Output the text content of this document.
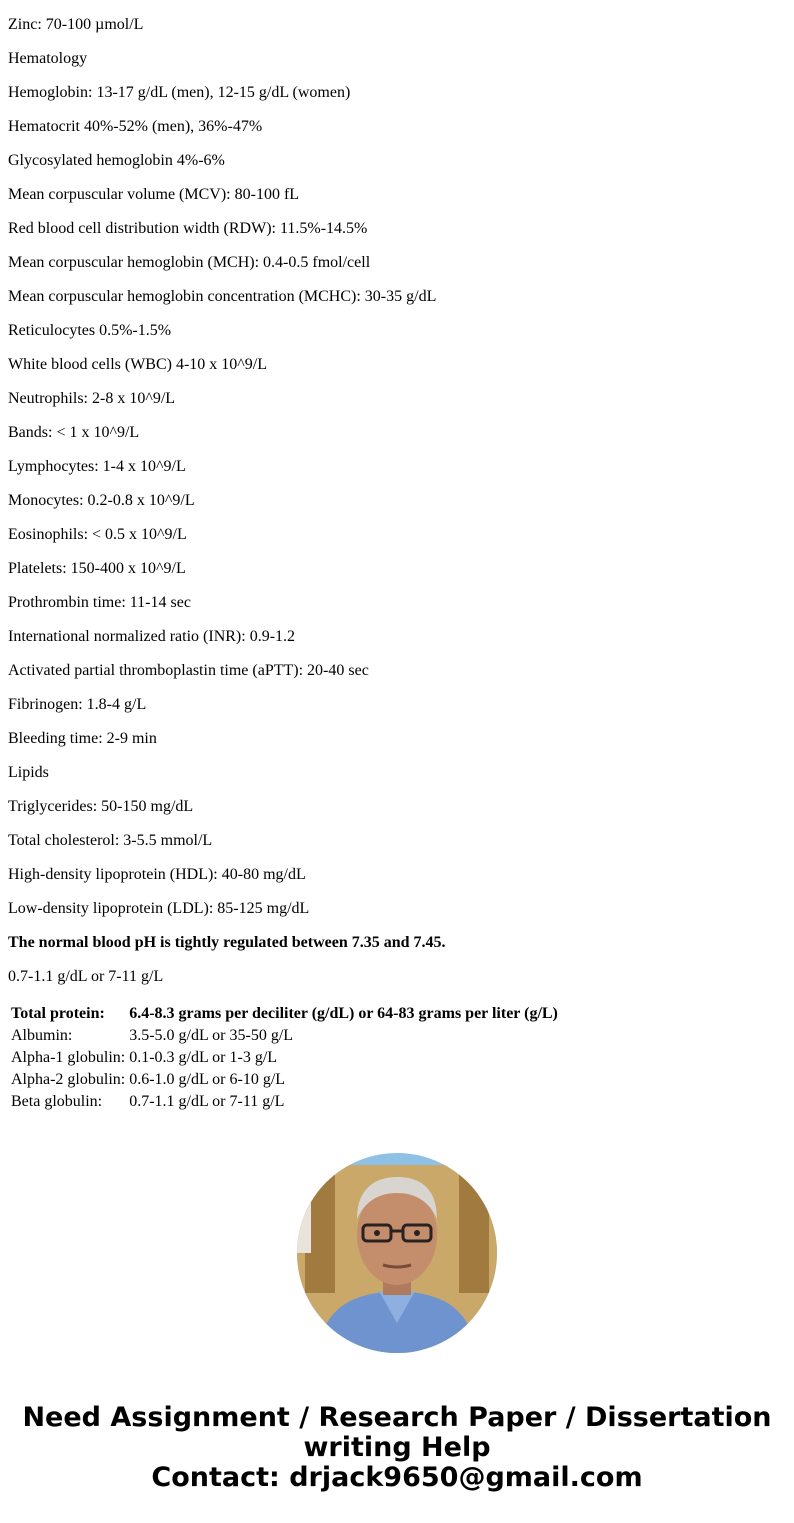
Zinc: 70-100 µmol/L
Hematology
Hemoglobin: 13-17 g/dL (men), 12-15 g/dL (women)
Hematocrit 40%-52% (men), 36%-47%
Glycosylated hemoglobin 4%-6%
Mean corpuscular volume (MCV): 80-100 fL
Red blood cell distribution width (RDW): 11.5%-14.5%
Mean corpuscular hemoglobin (MCH): 0.4-0.5 fmol/cell
Mean corpuscular hemoglobin concentration (MCHC): 30-35 g/dL
Reticulocytes 0.5%-1.5%
White blood cells (WBC) 4-10 x 10^9/L
Neutrophils: 2-8 x 10^9/L
Bands: < 1 x 10^9/L
Lymphocytes: 1-4 x 10^9/L
Monocytes: 0.2-0.8 x 10^9/L
Eosinophils: < 0.5 x 10^9/L
Platelets: 150-400 x 10^9/L
Prothrombin time: 11-14 sec
International normalized ratio (INR): 0.9-1.2
Activated partial thromboplastin time (aPTT): 20-40 sec
Fibrinogen: 1.8-4 g/L
Bleeding time: 2-9 min
Lipids
Triglycerides: 50-150 mg/dL
Total cholesterol: 3-5.5 mmol/L
High-density lipoprotein (HDL): 40-80 mg/dL
Low-density lipoprotein (LDL): 85-125 mg/dL
The normal blood pH is tightly regulated between 7.35 and 7.45.
0.7-1.1 g/dL or 7-11 g/L
Total protein:	6.4-8.3 grams per deciliter (g/dL) or 64-83 grams per liter (g/L)
Albumin:	3.5-5.0 g/dL or 35-50 g/L
Alpha-1 globulin:	0.1-0.3 g/dL or 1-3 g/L
Alpha-2 globulin:	0.6-1.0 g/dL or 6-10 g/L
Beta globulin:	0.7-1.1 g/dL or 7-11 g/L
Need Assignment / Research Paper / Dissertation
writing Help
Contact: drjack9650@gmail.com
